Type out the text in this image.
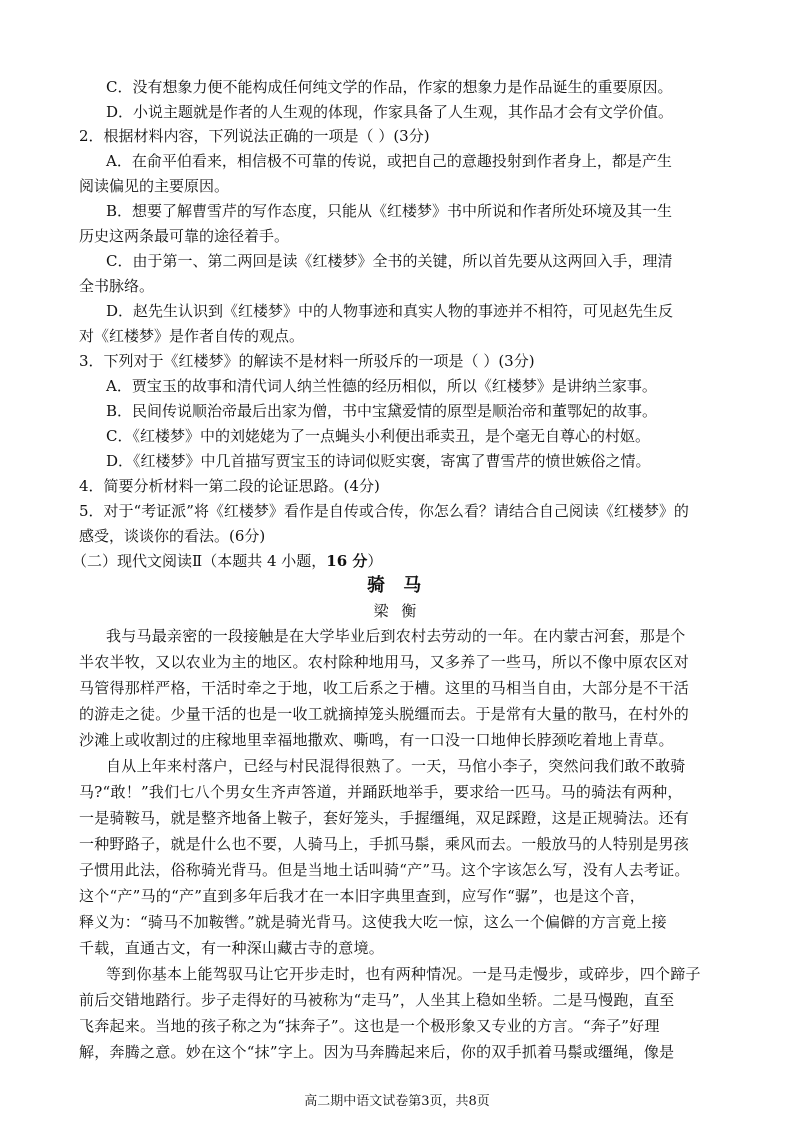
C．没有想象力便不能构成任何纯文学的作品，作家的想象力是作品诞生的重要原因。
D．小说主题就是作者的人生观的体现，作家具备了人生观，其作品才会有文学价值。
2．根据材料内容，下列说法正确的一项是（ ）(3分)
A．在俞平伯看来，相信极不可靠的传说，或把自己的意趣投射到作者身上，都是产生
阅读偏见的主要原因。
B．想要了解曹雪芹的写作态度，只能从《红楼梦》书中所说和作者所处环境及其一生
历史这两条最可靠的途径着手。
C．由于第一、第二两回是读《红楼梦》全书的关键，所以首先要从这两回入手，理清
全书脉络。
D．赵先生认识到《红楼梦》中的人物事迹和真实人物的事迹并不相符，可见赵先生反
对《红楼梦》是作者自传的观点。
3．下列对于《红楼梦》的解读不是材料一所驳斥的一项是（ ）(3分)
A．贾宝玉的故事和清代词人纳兰性德的经历相似，所以《红楼梦》是讲纳兰家事。
B．民间传说顺治帝最后出家为僧，书中宝黛爱情的原型是顺治帝和董鄂妃的故事。
C．《红楼梦》中的刘姥姥为了一点蝇头小利便出乖卖丑，是个毫无自尊心的村妪。
D．《红楼梦》中几首描写贾宝玉的诗词似贬实褒，寄寓了曹雪芹的愤世嫉俗之情。
4．简要分析材料一第二段的论证思路。(4分)
5．对于“考证派”将《红楼梦》看作是自传或合传，你怎么看？请结合自己阅读《红楼梦》的
感受，谈谈你的看法。(6分)
（二）现代文阅读Ⅱ（本题共 4 小题，16 分）
骑 马
梁 衡
我与马最亲密的一段接触是在大学毕业后到农村去劳动的一年。在内蒙古河套，那是个
半农半牧，又以农业为主的地区。农村除种地用马，又多养了一些马，所以不像中原农区对
马管得那样严格，干活时牵之于地，收工后系之于槽。这里的马相当自由，大部分是不干活
的游走之徒。少量干活的也是一收工就摘掉笼头脱缰而去。于是常有大量的散马，在村外的
沙滩上或收割过的庄稼地里幸福地撒欢、嘶鸣，有一口没一口地伸长脖颈吃着地上青草。
自从上年来村落户，已经与村民混得很熟了。一天，马倌小李子，突然问我们敢不敢骑
马?“敢！”我们七八个男女生齐声答道，并踊跃地举手，要求给一匹马。马的骑法有两种，
一是骑鞍马，就是整齐地备上鞍子，套好笼头，手握缰绳，双足踩蹬，这是正规骑法。还有
一种野路子，就是什么也不要，人骑马上，手抓马鬃，乘风而去。一般放马的人特别是男孩
子惯用此法，俗称骑光背马。但是当地土话叫骑“产”马。这个字该怎么写，没有人去考证。
这个“产”马的“产”直到多年后我才在一本旧字典里查到，应写作“骣”，也是这个音，
释义为：“骑马不加鞍辔。”就是骑光背马。这使我大吃一惊，这么一个偏僻的方言竟上接
千载，直通古文，有一种深山藏古寺的意境。
等到你基本上能驾驭马让它开步走时，也有两种情况。一是马走慢步，或碎步，四个蹄子
前后交错地踏行。步子走得好的马被称为“走马”，人坐其上稳如坐轿。二是马慢跑，直至
飞奔起来。当地的孩子称之为“抹奔子”。这也是一个极形象又专业的方言。“奔子”好理
解，奔腾之意。妙在这个“抹”字上。因为马奔腾起来后，你的双手抓着马鬃或缰绳，像是
高二期中语文试卷第3页，共8页
